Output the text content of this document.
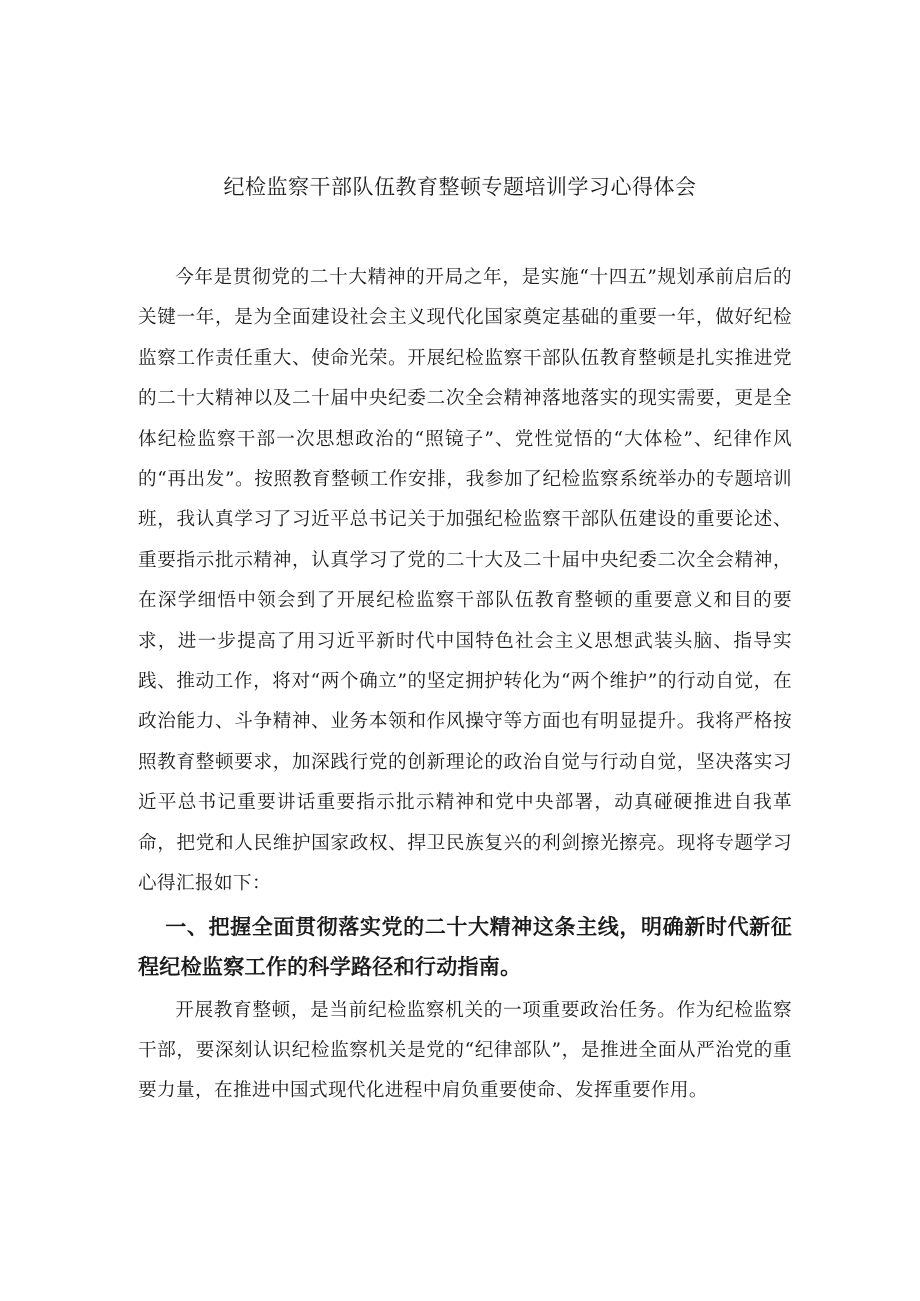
纪检监察干部队伍教育整顿专题培训学习心得体会

今年是贯彻党的二十大精神的开局之年，是实施“十四五”规划承前启后的关键一年，是为全面建设社会主义现代化国家奠定基础的重要一年，做好纪检监察工作责任重大、使命光荣。开展纪检监察干部队伍教育整顿是扎实推进党的二十大精神以及二十届中央纪委二次全会精神落地落实的现实需要，更是全体纪检监察干部一次思想政治的“照镜子”、党性觉悟的“大体检”、纪律作风的“再出发”。按照教育整顿工作安排，我参加了纪检监察系统举办的专题培训班，我认真学习了习近平总书记关于加强纪检监察干部队伍建设的重要论述、重要指示批示精神，认真学习了党的二十大及二十届中央纪委二次全会精神，在深学细悟中领会到了开展纪检监察干部队伍教育整顿的重要意义和目的要求，进一步提高了用习近平新时代中国特色社会主义思想武装头脑、指导实践、推动工作，将对“两个确立”的坚定拥护转化为“两个维护”的行动自觉，在政治能力、斗争精神、业务本领和作风操守等方面也有明显提升。我将严格按照教育整顿要求，加深践行党的创新理论的政治自觉与行动自觉，坚决落实习近平总书记重要讲话重要指示批示精神和党中央部署，动真碰硬推进自我革命，把党和人民维护国家政权、捍卫民族复兴的利剑擦光擦亮。现将专题学习心得汇报如下：

一、把握全面贯彻落实党的二十大精神这条主线，明确新时代新征程纪检监察工作的科学路径和行动指南。

开展教育整顿，是当前纪检监察机关的一项重要政治任务。作为纪检监察干部，要深刻认识纪检监察机关是党的“纪律部队”，是推进全面从严治党的重要力量，在推进中国式现代化进程中肩负重要使命、发挥重要作用。
